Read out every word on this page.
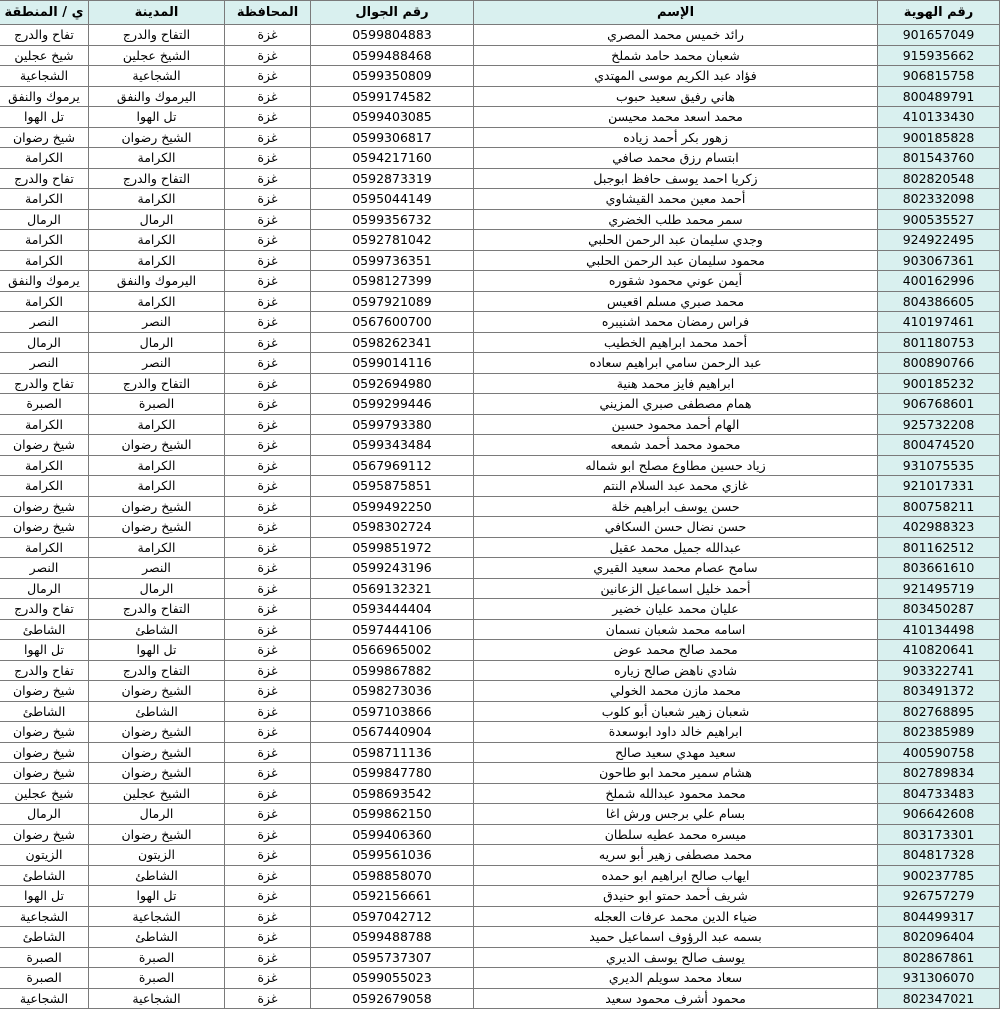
رقم الهوية	الإسم	رقم الجوال	المحافظة	المدينة	ي / المنطقة
901657049	رائد خميس محمد المصري	0599804883	غزة	التفاح والدرج	تفاح والدرج
915935662	شعبان محمد حامد شملخ	0599488468	غزة	الشيخ عجلين	شيخ عجلين
906815758	فؤاد عبد الكريم موسى المهتدي	0599350809	غزة	الشجاعية	الشجاعية
800489791	هاني رفيق سعيد حبوب	0599174582	غزة	اليرموك والنفق	يرموك والنفق
410133430	محمد اسعد محمد محيسن	0599403085	غزة	تل الهوا	تل الهوا
900185828	زهور بكر أحمد زياده	0599306817	غزة	الشيخ رضوان	شيخ رضوان
801543760	ابتسام رزق محمد صافي	0594217160	غزة	الكرامة	الكرامة
802820548	زكريا احمد يوسف حافظ ابوجبل	0592873319	غزة	التفاح والدرج	تفاح والدرج
802332098	أحمد معين محمد القيشاوي	0595044149	غزة	الكرامة	الكرامة
900535527	سمر محمد طلب الخضري	0599356732	غزة	الرمال	الرمال
924922495	وجدي سليمان عبد الرحمن الحلبي	0592781042	غزة	الكرامة	الكرامة
903067361	محمود سليمان عبد الرحمن الحلبي	0599736351	غزة	الكرامة	الكرامة
400162996	أيمن عوني محمود شقوره	0598127399	غزة	اليرموك والنفق	يرموك والنفق
804386605	محمد صبري مسلم اقعيس	0597921089	غزة	الكرامة	الكرامة
410197461	فراس رمضان محمد اشنيبره	0567600700	غزة	النصر	النصر
801180753	أحمد محمد ابراهيم الخطيب	0598262341	غزة	الرمال	الرمال
800890766	عبد الرحمن سامي ابراهيم سعاده	0599014116	غزة	النصر	النصر
900185232	ابراهيم فايز محمد هنية	0592694980	غزة	التفاح والدرج	تفاح والدرج
906768601	همام مصطفى صبري المزيني	0599299446	غزة	الصبرة	الصبرة
925732208	الهام أحمد محمود حسين	0599793380	غزة	الكرامة	الكرامة
800474520	محمود محمد أحمد شمعه	0599343484	غزة	الشيخ رضوان	شيخ رضوان
931075535	زياد حسين مطاوع مصلح ابو شماله	0567969112	غزة	الكرامة	الكرامة
921017331	غازي محمد عبد السلام النتم	0595875851	غزة	الكرامة	الكرامة
800758211	حسن يوسف ابراهيم خلة	0599492250	غزة	الشيخ رضوان	شيخ رضوان
402988323	حسن نضال حسن السكافي	0598302724	غزة	الشيخ رضوان	شيخ رضوان
801162512	عبدالله جميل محمد عقيل	0599851972	غزة	الكرامة	الكرامة
803661610	سامح عصام محمد سعيد القيري	0599243196	غزة	النصر	النصر
921495719	أحمد خليل اسماعيل الزعانين	0569132321	غزة	الرمال	الرمال
803450287	عليان محمد عليان خضير	0593444404	غزة	التفاح والدرج	تفاح والدرج
410134498	اسامه محمد شعبان نسمان	0597444106	غزة	الشاطئ	الشاطئ
410820641	محمد صالح محمد عوض	0566965002	غزة	تل الهوا	تل الهوا
903322741	شادي ناهض صالح زياره	0599867882	غزة	التفاح والدرج	تفاح والدرج
803491372	محمد مازن محمد الخولي	0598273036	غزة	الشيخ رضوان	شيخ رضوان
802768895	شعبان زهير شعبان أبو كلوب	0597103866	غزة	الشاطئ	الشاطئ
802385989	ابراهيم خالد داود ابوسعدة	0567440904	غزة	الشيخ رضوان	شيخ رضوان
400590758	سعيد مهدي سعيد صالح	0598711136	غزة	الشيخ رضوان	شيخ رضوان
802789834	هشام سمير محمد ابو طاحون	0599847780	غزة	الشيخ رضوان	شيخ رضوان
804733483	محمد محمود عبدالله شملخ	0598693542	غزة	الشيخ عجلين	شيخ عجلين
906642608	بسام علي برجس ورش اغا	0599862150	غزة	الرمال	الرمال
803173301	ميسره محمد عطيه سلطان	0599406360	غزة	الشيخ رضوان	شيخ رضوان
804817328	محمد مصطفى زهير أبو سريه	0599561036	غزة	الزيتون	الزيتون
900237785	ايهاب صالح ابراهيم ابو حمده	0598858070	غزة	الشاطئ	الشاطئ
926757279	شريف أحمد حمتو ابو حنيدق	0592156661	غزة	تل الهوا	تل الهوا
804499317	ضياء الدين محمد عرفات العجله	0597042712	غزة	الشجاعية	الشجاعية
802096404	بسمه عبد الرؤوف اسماعيل حميد	0599488788	غزة	الشاطئ	الشاطئ
802867861	يوسف صالح يوسف الديري	0595737307	غزة	الصبرة	الصبرة
931306070	سعاد محمد سويلم الديري	0599055023	غزة	الصبرة	الصبرة
802347021	محمود أشرف محمود سعيد	0592679058	غزة	الشجاعية	الشجاعية
